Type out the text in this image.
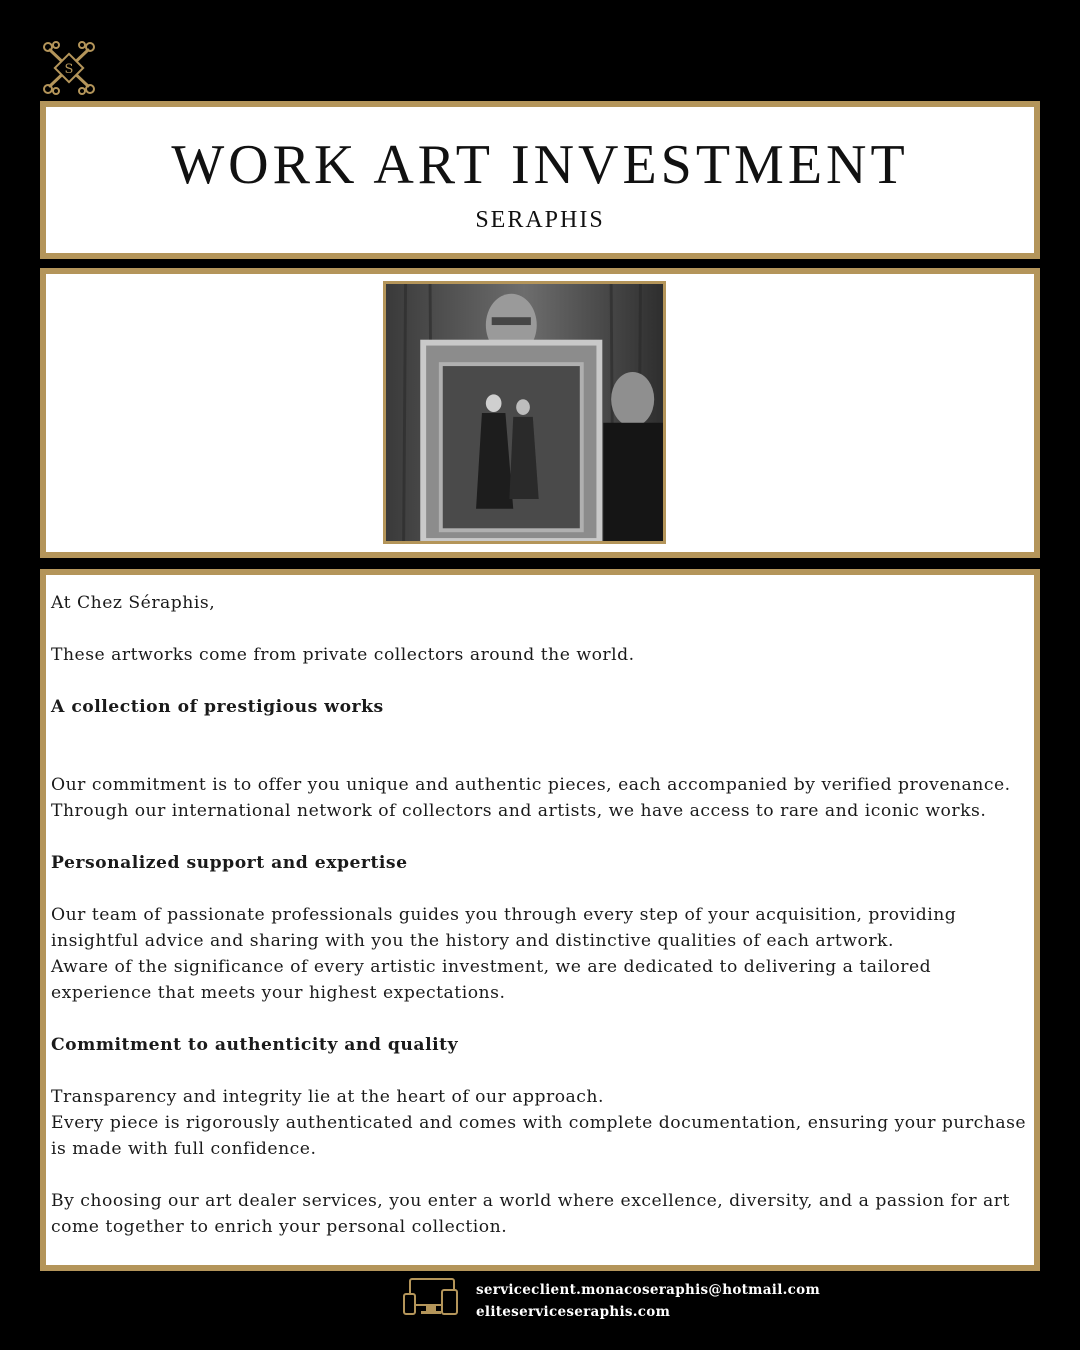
S
WORK ART INVESTMENT
SERAPHIS

At Chez Séraphis,

These artworks come from private collectors around the world.

A collection of prestigious works

Our commitment is to offer you unique and authentic pieces, each accompanied by verified provenance. Through our international network of collectors and artists, we have access to rare and iconic works.

Personalized support and expertise

Our team of passionate professionals guides you through every step of your acquisition, providing insightful advice and sharing with you the history and distinctive qualities of each artwork.

Aware of the significance of every artistic investment, we are dedicated to delivering a tailored experience that meets your highest expectations.

Commitment to authenticity and quality

Transparency and integrity lie at the heart of our approach.

Every piece is rigorously authenticated and comes with complete documentation, ensuring your purchase is made with full confidence.

By choosing our art dealer services, you enter a world where excellence, diversity, and a passion for art come together to enrich your personal collection.

serviceclient.monacoseraphis@hotmail.com
eliteserviceseraphis.com
